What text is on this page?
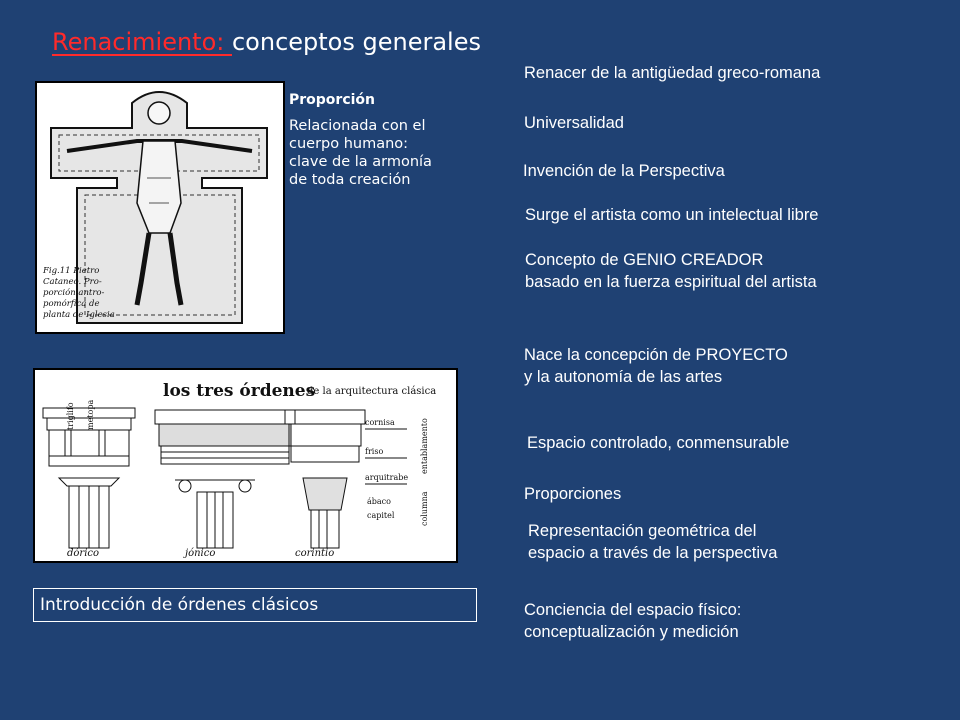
Renacimiento: conceptos generales
Fig.11 Pietro
Cataneo. Pro-
porción antro-
pomórfica de
planta de Iglesia
Proporción
Relacionada con el
cuerpo humano:
clave de la armonía
de toda creación
los tres órdenes
de la arquitectura clásica
triglifo metopa	cornisa
friso
arquitrabe
ábaco
capitel	columna
entablamento
dórico	jónico	corintio
Introducción de órdenes clásicos
Renacer de la antigüedad greco-romana
Universalidad
Invención de la Perspectiva
Surge el artista como un intelectual libre
Concepto de GENIO CREADOR
basado en la fuerza espiritual del artista
Nace la concepción de PROYECTO
y la autonomía de las artes
Espacio controlado, conmensurable
Proporciones
Representación geométrica del
espacio a través de la perspectiva
Conciencia del espacio físico:
conceptualización y medición
